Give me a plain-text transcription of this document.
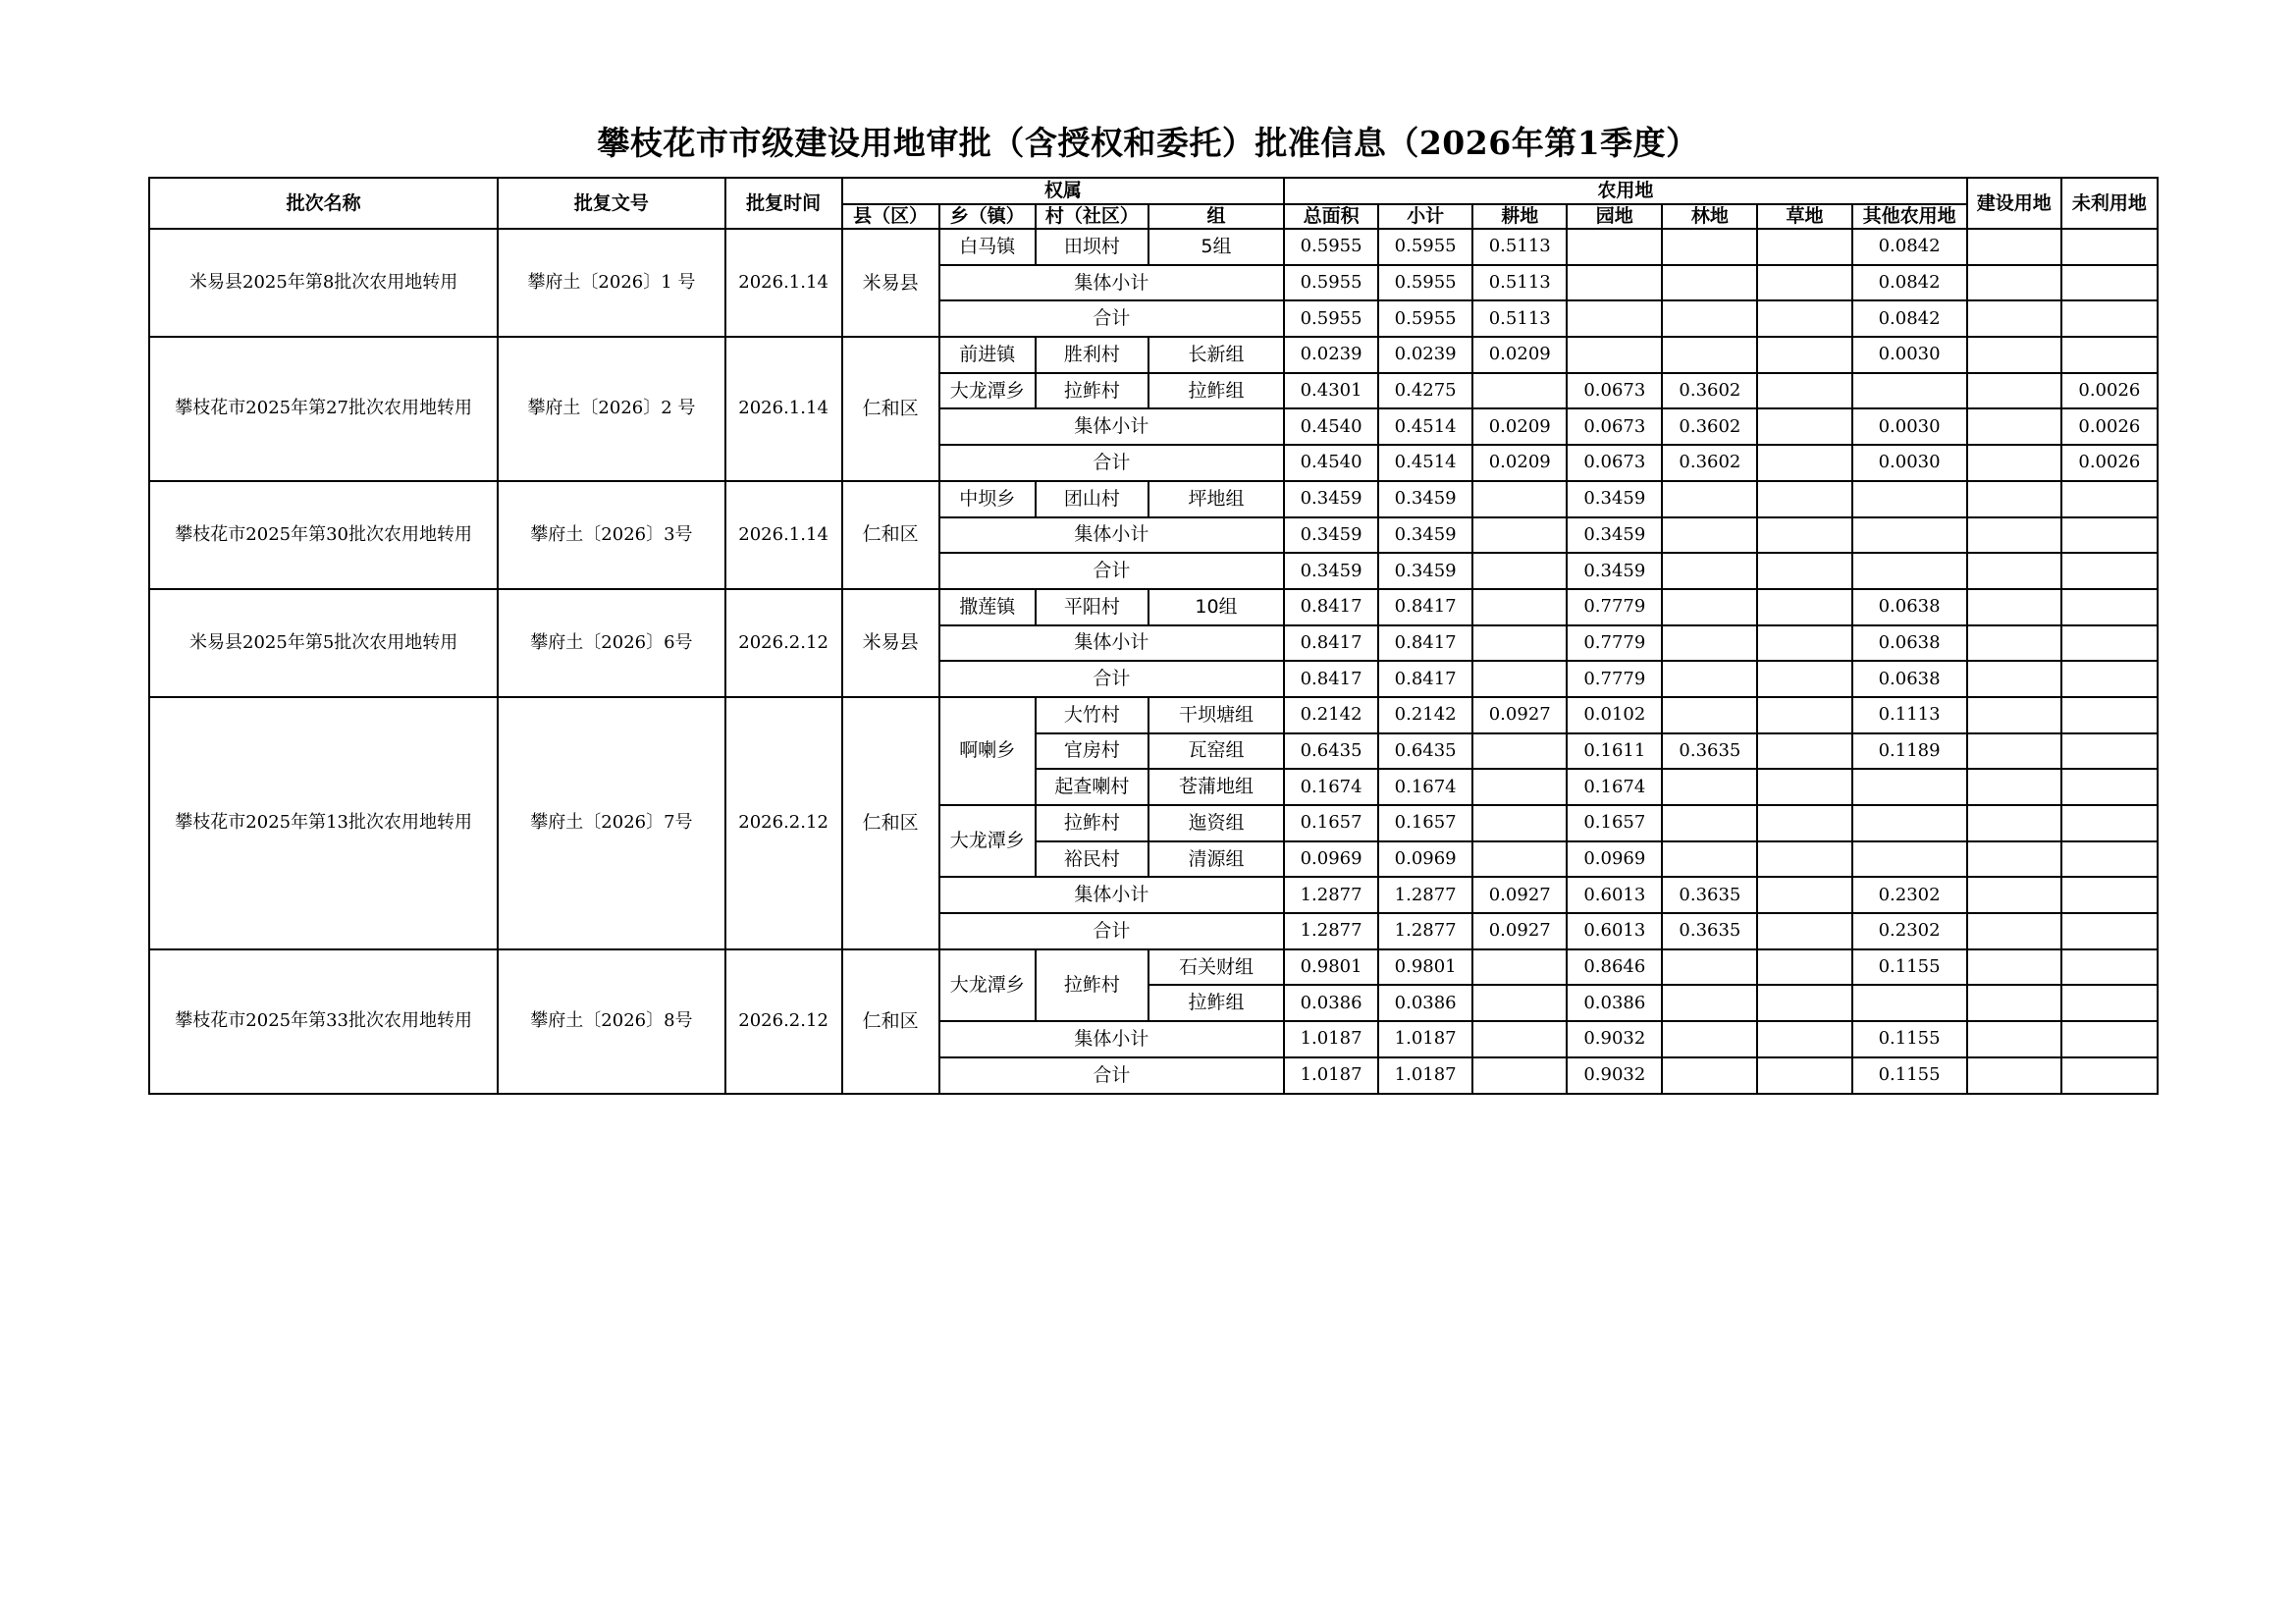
攀枝花市市级建设用地审批（含授权和委托）批准信息（2026年第1季度）
批次名称	批复文号	批复时间	权属				农用地							建设用地	未利用地
			县（区）	乡（镇）	村（社区）	组	总面积	小计	耕地	园地	林地	草地	其他农用地		
米易县2025年第8批次农用地转用	攀府土〔2026〕1 号	2026.1.14	米易县	白马镇	田坝村	5组	0.5955	0.5955	0.5113				0.0842		
				集体小计			0.5955	0.5955	0.5113				0.0842		
				合计			0.5955	0.5955	0.5113				0.0842		
攀枝花市2025年第27批次农用地转用	攀府土〔2026〕2 号	2026.1.14	仁和区	前进镇	胜利村	长新组	0.0239	0.0239	0.0209				0.0030		
				大龙潭乡	拉鲊村	拉鲊组	0.4301	0.4275		0.0673	0.3602				0.0026
				集体小计			0.4540	0.4514	0.0209	0.0673	0.3602		0.0030		0.0026
				合计			0.4540	0.4514	0.0209	0.0673	0.3602		0.0030		0.0026
攀枝花市2025年第30批次农用地转用	攀府土〔2026〕3号	2026.1.14	仁和区	中坝乡	团山村	坪地组	0.3459	0.3459		0.3459					
				集体小计			0.3459	0.3459		0.3459					
				合计			0.3459	0.3459		0.3459					
米易县2025年第5批次农用地转用	攀府土〔2026〕6号	2026.2.12	米易县	撒莲镇	平阳村	10组	0.8417	0.8417		0.7779			0.0638		
				集体小计			0.8417	0.8417		0.7779			0.0638		
				合计			0.8417	0.8417		0.7779			0.0638		
攀枝花市2025年第13批次农用地转用	攀府土〔2026〕7号	2026.2.12	仁和区	啊喇乡	大竹村	干坝塘组	0.2142	0.2142	0.0927	0.0102			0.1113		
					官房村	瓦窑组	0.6435	0.6435		0.1611	0.3635		0.1189		
					起查喇村	苍蒲地组	0.1674	0.1674		0.1674					
				大龙潭乡	拉鲊村	迤资组	0.1657	0.1657		0.1657					
					裕民村	清源组	0.0969	0.0969		0.0969					
				集体小计			1.2877	1.2877	0.0927	0.6013	0.3635		0.2302		
				合计			1.2877	1.2877	0.0927	0.6013	0.3635		0.2302		
攀枝花市2025年第33批次农用地转用	攀府土〔2026〕8号	2026.2.12	仁和区	大龙潭乡	拉鲊村	石关财组	0.9801	0.9801		0.8646			0.1155		
						拉鲊组	0.0386	0.0386		0.0386					
				集体小计			1.0187	1.0187		0.9032			0.1155		
				合计			1.0187	1.0187		0.9032			0.1155		
